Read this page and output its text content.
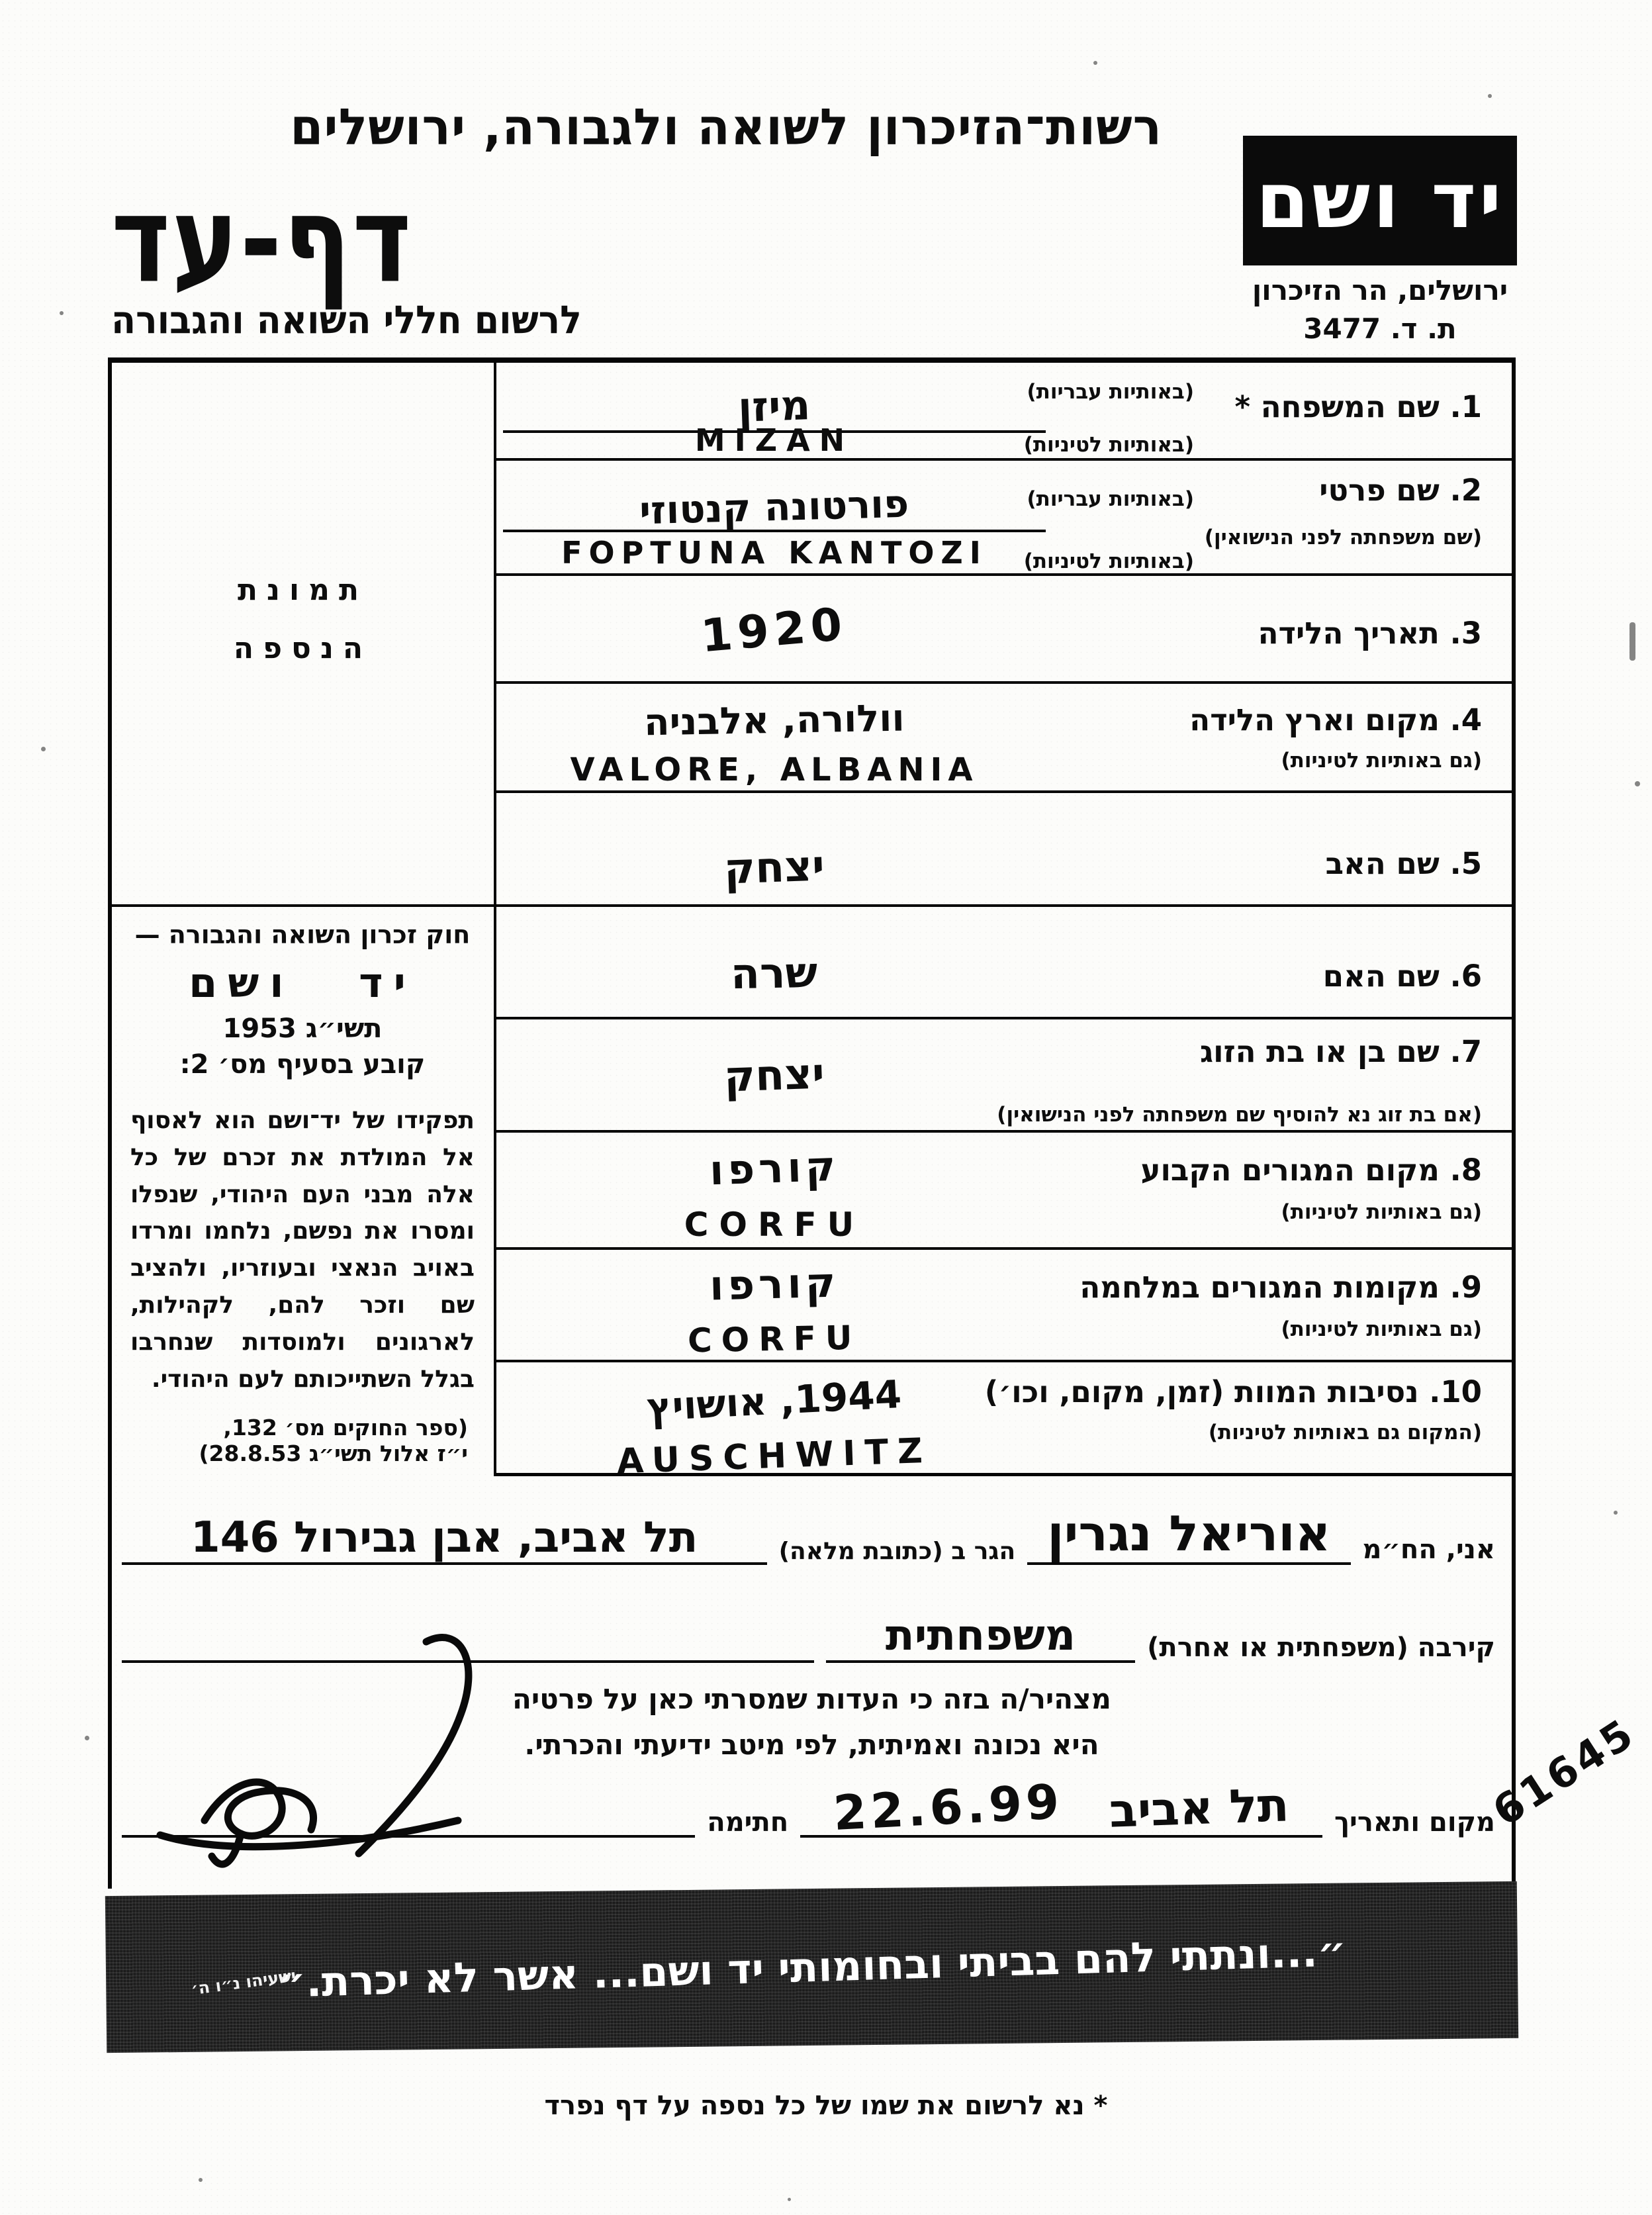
רשות־הזיכרון לשואה ולגבורה, ירושלים
דף-עד
לרשום חללי השואה והגבורה
יד ושם
ירושלים, הר הזיכרון
ת. ד. 3477
תמונת
הנספה
חוק זכרון השואה והגבורה —
יד ושם
תשי״ג 1953
קובע בסעיף מס׳ 2:
תפקידו של יד־ושם הוא לאסוף אל המולדת את זכרם של כל אלה מבני העם היהודי, שנפלו ומסרו את נפשם, נלחמו ומרדו באויב הנאצי ובעוזריו, ולהציב שם וזכר להם, לקהילות, לארגונים ולמוסדות שנחרבו בגלל השתייכותם לעם היהודי.
(ספר החוקים מס׳ 132,
י״ז אלול תשי״ג 28.8.53)
1. שם המשפחה *
(באותיות עבריות)
מיזן
(באותיות לטיניות)
MIZAN
2. שם פרטי
(שם משפחתה לפני הנישואין)
(באותיות עבריות)
פורטונה קנטוזי
(באותיות לטיניות)
FOPTUNA KANTOZI
3. תאריך הלידה
1920
4. מקום וארץ הלידה
(גם באותיות לטיניות)
וולורה, אלבניה
VALORE, ALBANIA
5. שם האב
יצחק
6. שם האם
שרה
7. שם בן או בת הזוג
(אם בת זוג נא להוסיף שם משפחתה לפני הנישואין)
יצחק
8. מקום המגורים הקבוע
(גם באותיות לטיניות)
קורפו
CORFU
9. מקומות המגורים במלחמה
(גם באותיות לטיניות)
קורפו
CORFU
10. נסיבות המוות (זמן, מקום, וכו׳)
(המקום גם באותיות לטיניות)
1944, אושויץ
AUSCHWITZ
אני, הח״מ
אוריאל נגרין
הגר ב (כתובת מלאה)
תל אביב, אבן גבירול 146
קירבה (משפחתית או אחרת)
משפחתית
מצהיר/ה בזה כי העדות שמסרתי כאן על פרטיה
היא נכונה ואמיתית, לפי מיטב ידיעתי והכרתי.
מקום ותאריך
תל אביב
22.6.99
חתימה	61645
״...ונתתי להם בביתי ובחומותי יד ושם... אשר לא יכרת.״
ישעיהו נ״ו ה׳
* נא לרשום את שמו של כל נספה על דף נפרד
